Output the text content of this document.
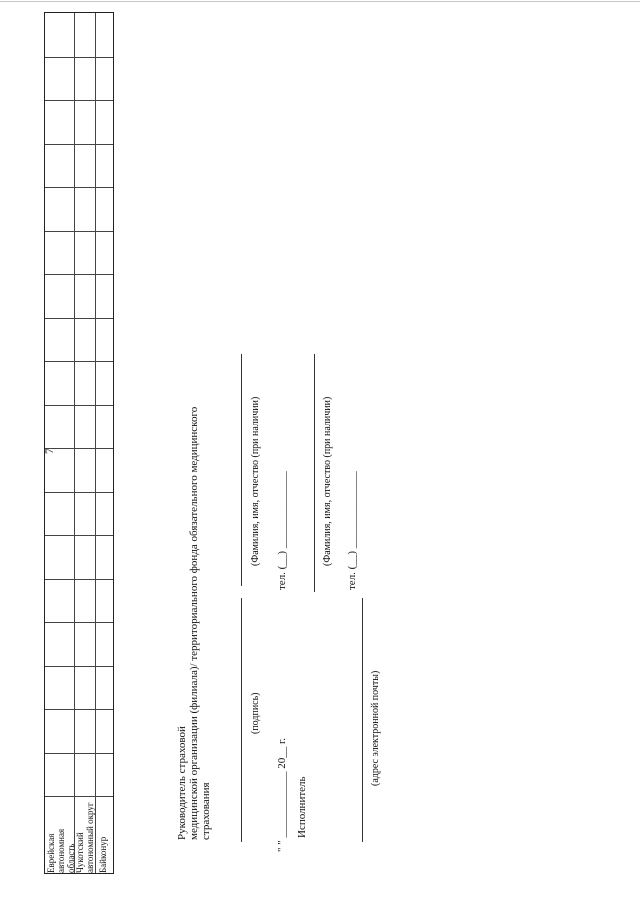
7
Еврейская автономная область Чукотский автономный округ Байконур
Руководитель страховой медицинской организации (филиала)/ территориального фонда обязательного медицинского страхования
(подпись)
(Фамилия, имя, отчество (при наличии)
" " ____________ 20__ г.
тел. (__) ______________
Исполнитель
(Фамилия, имя, отчество (при наличии) тел. (__) ______________
(адрес электронной почты)
